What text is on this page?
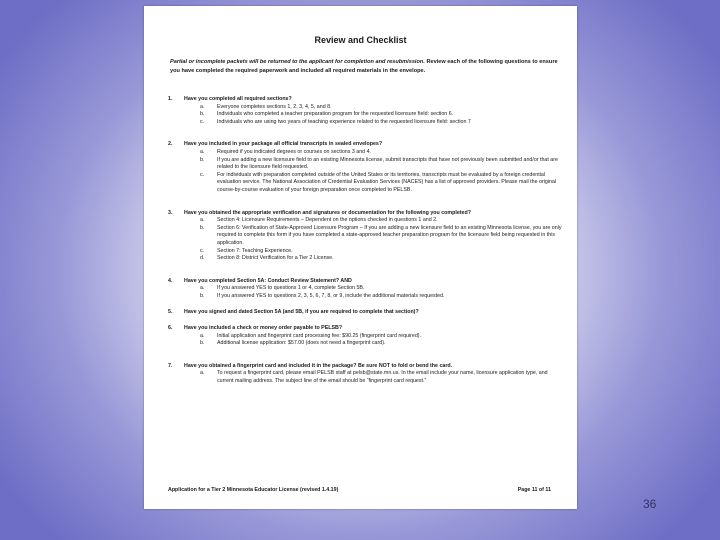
Review and Checklist

Partial or incomplete packets will be returned to the applicant for completion and resubmission. Review each of the following questions to ensure you have completed the required paperwork and included all required materials in the envelope.

1. Have you completed all required sections?
a. Everyone completes sections 1, 2, 3, 4, 5, and 8.
b. Individuals who completed a teacher preparation program for the requested licensure field: section 6.
c. Individuals who are using two years of teaching experience related to the requested licensure field: section 7
2. Have you included in your package all official transcripts in sealed envelopes?
a. Required if you indicated degrees or courses on sections 3 and 4.
b. If you are adding a new licensure field to an existing Minnesota license, submit transcripts that have not previously been submitted and/or that are related to the licensure field requested.
c. For individuals with preparation completed outside of the United States or its territories, transcripts must be evaluated by a foreign credential evaluation service. The National Association of Credential Evaluation Services (NACES) has a list of approved providers. Please mail the original course-by-course evaluation of your foreign preparation once completed to PELSB.
3. Have you obtained the appropriate verification and signatures or documentation for the following you completed?
a. Section 4: Licensure Requirements – Dependent on the options checked in questions 1 and 2.
b. Section 6: Verification of State-Approved Licensure Program – If you are adding a new licensure field to an existing Minnesota license, you are only required to complete this form if you have completed a state-approved teacher preparation program for the licensure field being requested in this application.
c. Section 7: Teaching Experience.
d. Section 8: District Verification for a Tier 2 License.
4. Have you completed Section 5A: Conduct Review Statement? AND
a. If you answered YES to questions 1 or 4, complete Section 5B.
b. If you answered YES to questions 2, 3, 5, 6, 7, 8, or 9, include the additional materials requested.
5. Have you signed and dated Section 5A (and 5B, if you are required to complete that section)?
6. Have you included a check or money order payable to PELSB?
a. Initial application and fingerprint card processing fee: $90.25 (fingerprint card required).
b. Additional license application: $57.00 (does not need a fingerprint card).
7. Have you obtained a fingerprint card and included it in the package? Be sure NOT to fold or bend the card.
a. To request a fingerprint card, please email PELSB staff at pelsb@state.mn.us. In the email include your name, licensure application type, and current mailing address. The subject line of the email should be “fingerprint card request.”
Application for a Tier 2 Minnesota Educator License (revised 1.4.19)	Page 11 of 11
36
